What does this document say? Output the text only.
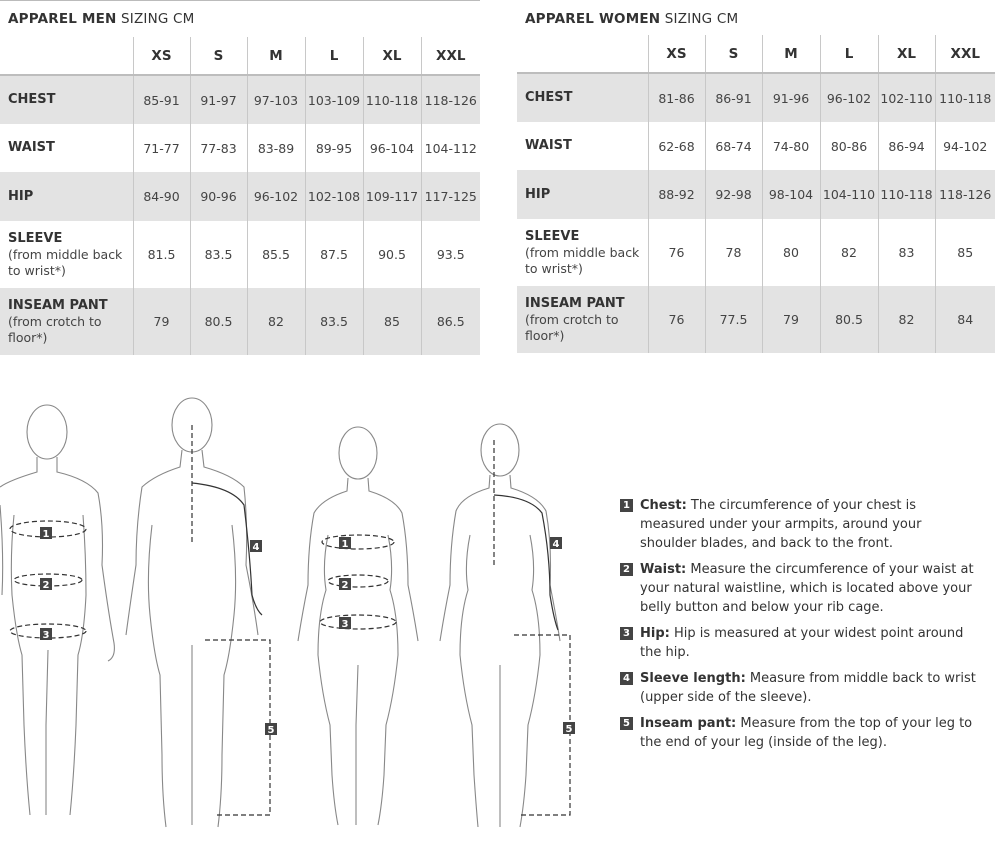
APPAREL MEN SIZING CM
	XS	S	M	L	XL	XXL
CHEST	85-91	91-97	97-103	103-109	110-118	118-126
WAIST	71-77	77-83	83-89	89-95	96-104	104-112
HIP	84-90	90-96	96-102	102-108	109-117	117-125
SLEEVE
(from middle back to wrist*)	81.5	83.5	85.5	87.5	90.5	93.5
INSEAM PANT
(from crotch to floor*)	79	80.5	82	83.5	85	86.5
APPAREL WOMEN SIZING CM
	XS	S	M	L	XL	XXL
CHEST	81-86	86-91	91-96	96-102	102-110	110-118
WAIST	62-68	68-74	74-80	80-86	86-94	94-102
HIP	88-92	92-98	98-104	104-110	110-118	118-126
SLEEVE
(from middle back to wrist*)	76	78	80	82	83	85
INSEAM PANT
(from crotch to floor*)	76	77.5	79	80.5	82	84
1
2
3
4
5
1
2
3
4
5
1 Chest: The circumference of your chest is measured under your armpits, around your shoulder blades, and back to the front.
2 Waist: Measure the circumference of your waist at your natural waistline, which is located above your belly button and below your rib cage.
3 Hip: Hip is measured at your widest point around the hip.
4 Sleeve length: Measure from middle back to wrist (upper side of the sleeve).
5 Inseam pant: Measure from the top of your leg to the end of your leg (inside of the leg).
